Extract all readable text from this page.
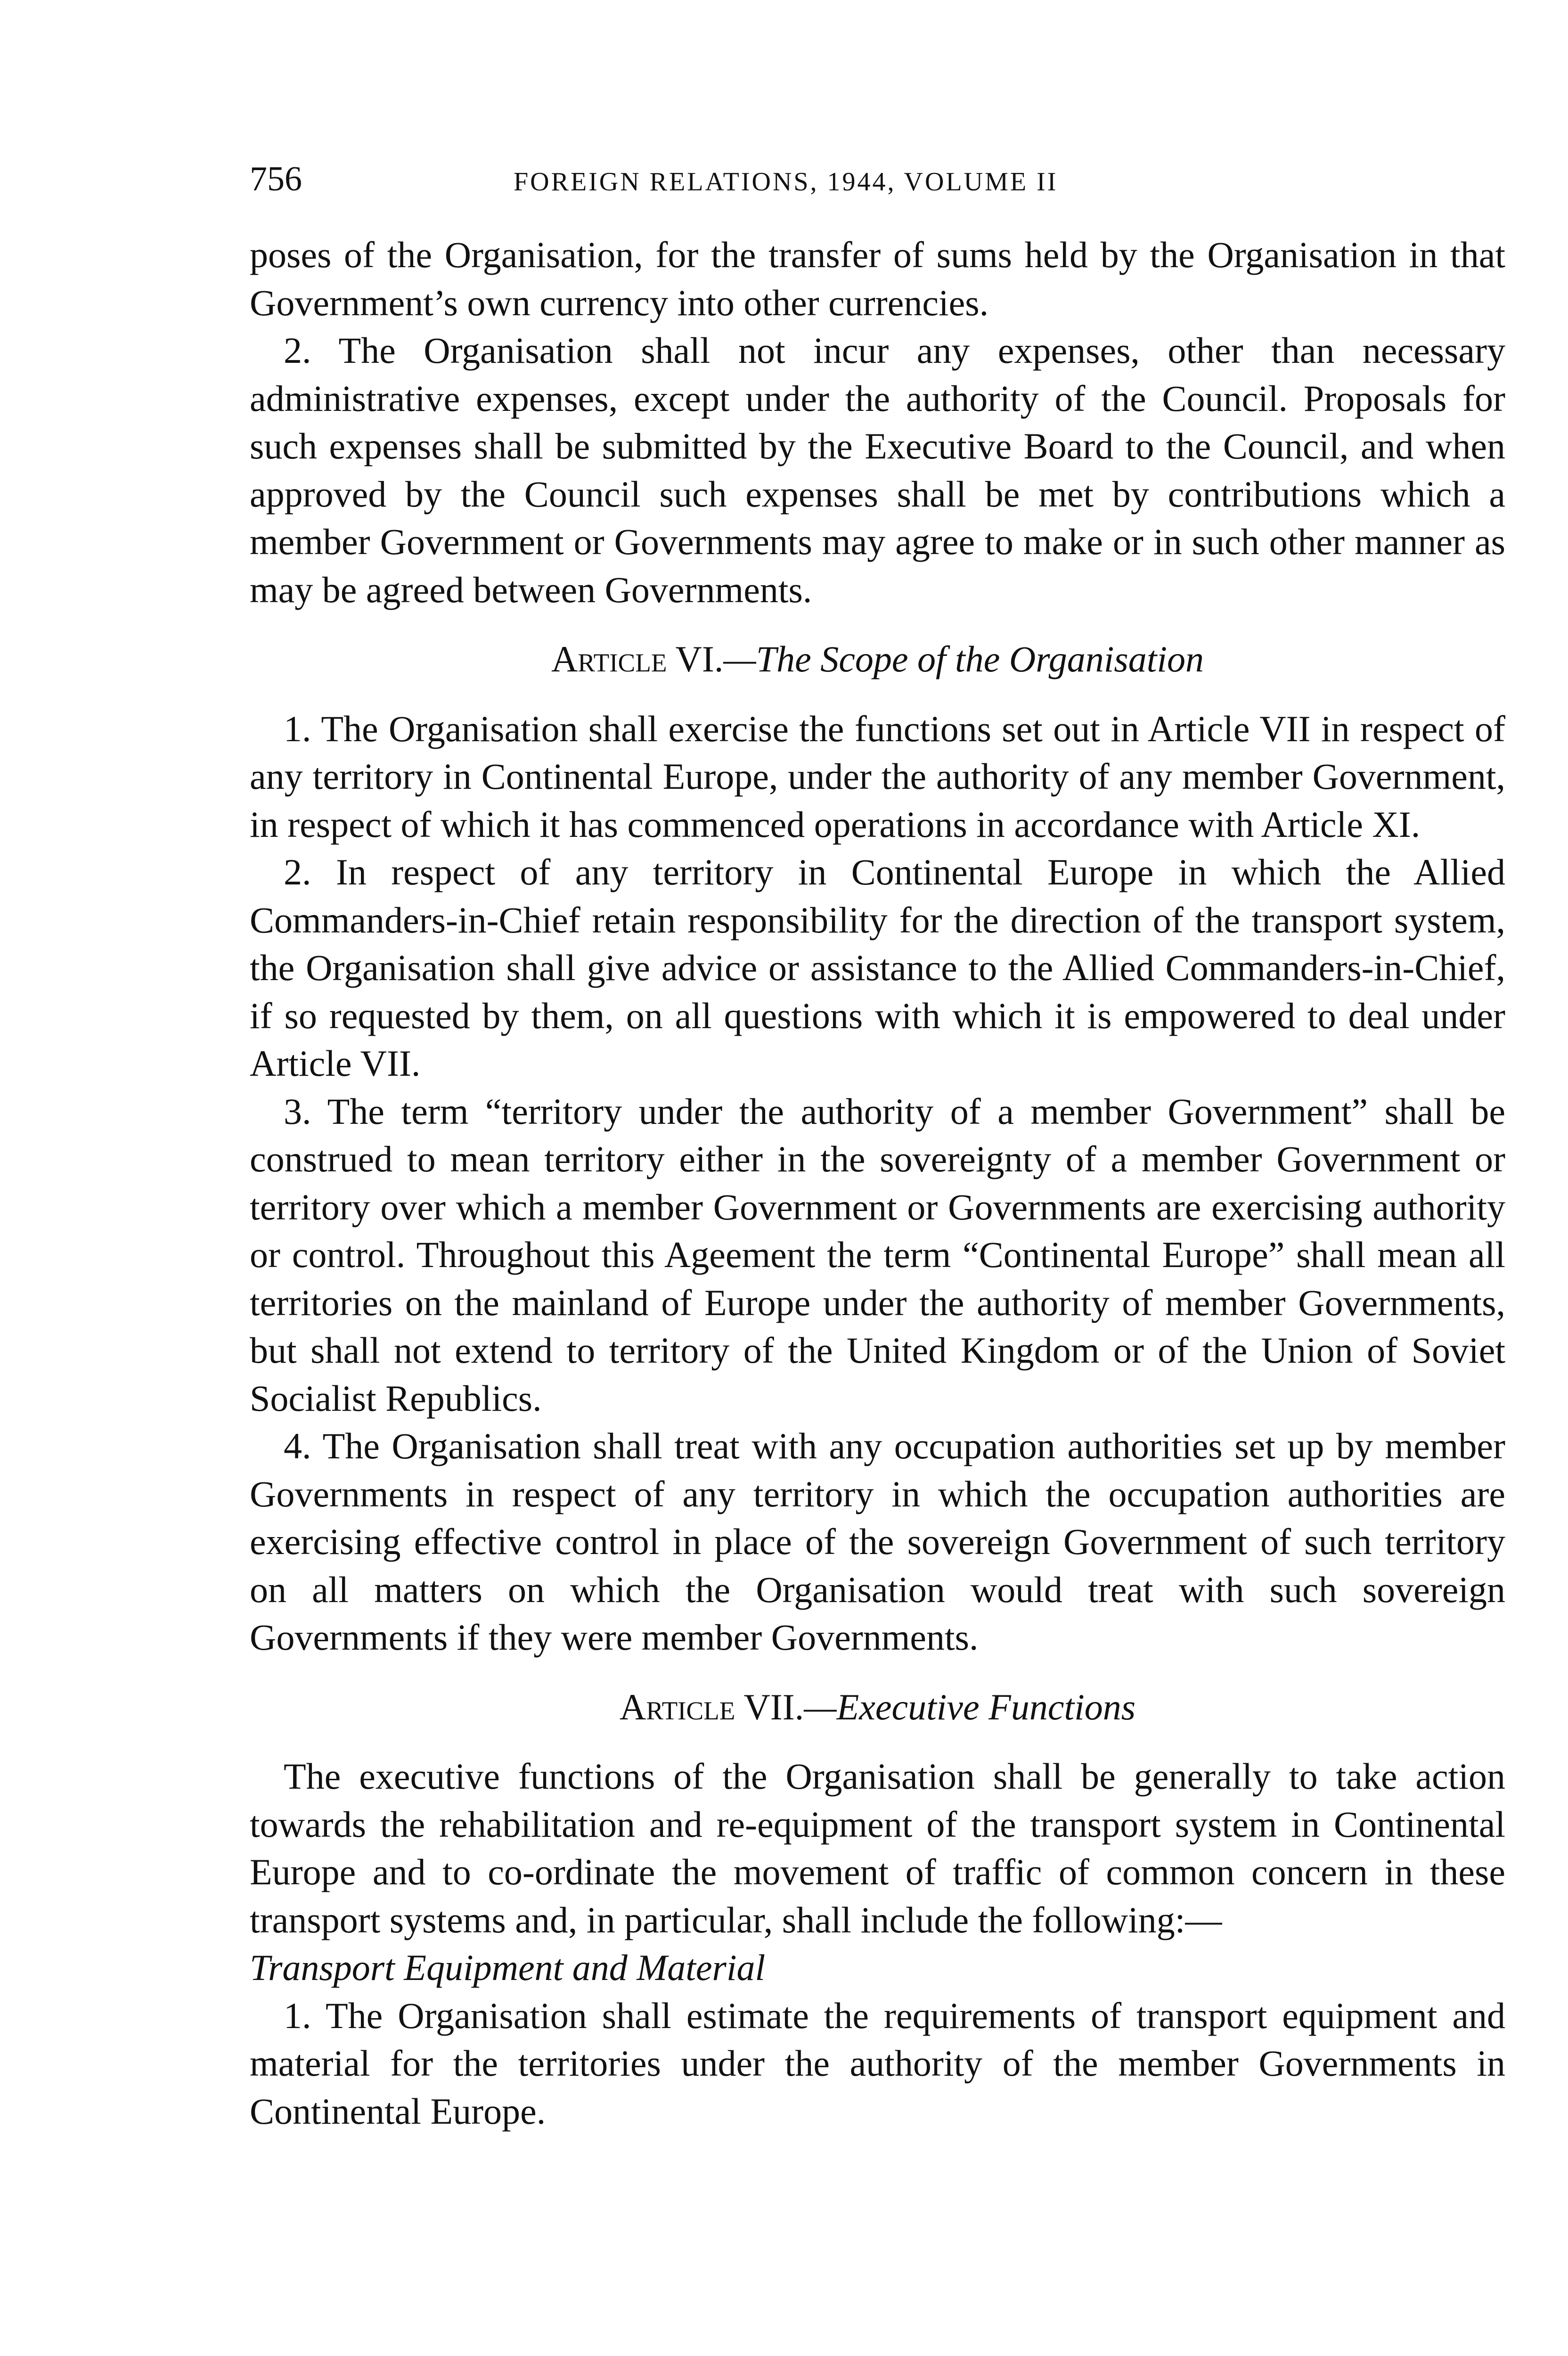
756	FOREIGN RELATIONS, 1944, VOLUME II

poses of the Organisation, for the transfer of sums held by the Organisation in that Government’s own currency into other currencies.

2. The Organisation shall not incur any expenses, other than necessary administrative expenses, except under the authority of the Council. Proposals for such expenses shall be submitted by the Executive Board to the Council, and when approved by the Council such expenses shall be met by contributions which a member Government or Governments may agree to make or in such other manner as may be agreed between Governments.

Article VI.—The Scope of the Organisation

1. The Organisation shall exercise the functions set out in Article VII in respect of any territory in Continental Europe, under the authority of any member Government, in respect of which it has commenced operations in accordance with Article XI.

2. In respect of any territory in Continental Europe in which the Allied Commanders-in-Chief retain responsibility for the direction of the transport system, the Organisation shall give advice or assistance to the Allied Commanders-in-Chief, if so requested by them, on all questions with which it is empowered to deal under Article VII.

3. The term “territory under the authority of a member Government” shall be construed to mean territory either in the sovereignty of a member Government or territory over which a member Government or Governments are exercising authority or control. Throughout this Ageement the term “Continental Europe” shall mean all territories on the mainland of Europe under the authority of member Governments, but shall not extend to territory of the United Kingdom or of the Union of Soviet Socialist Republics.

4. The Organisation shall treat with any occupation authorities set up by member Governments in respect of any territory in which the occupation authorities are exercising effective control in place of the sovereign Government of such territory on all matters on which the Organisation would treat with such sovereign Governments if they were member Governments.

Article VII.—Executive Functions

The executive functions of the Organisation shall be generally to take action towards the rehabilitation and re-equipment of the transport system in Continental Europe and to co-ordinate the movement of traffic of common concern in these transport systems and, in particular, shall include the following:—

Transport Equipment and Material

1. The Organisation shall estimate the requirements of transport equipment and material for the territories under the authority of the member Governments in Continental Europe.
